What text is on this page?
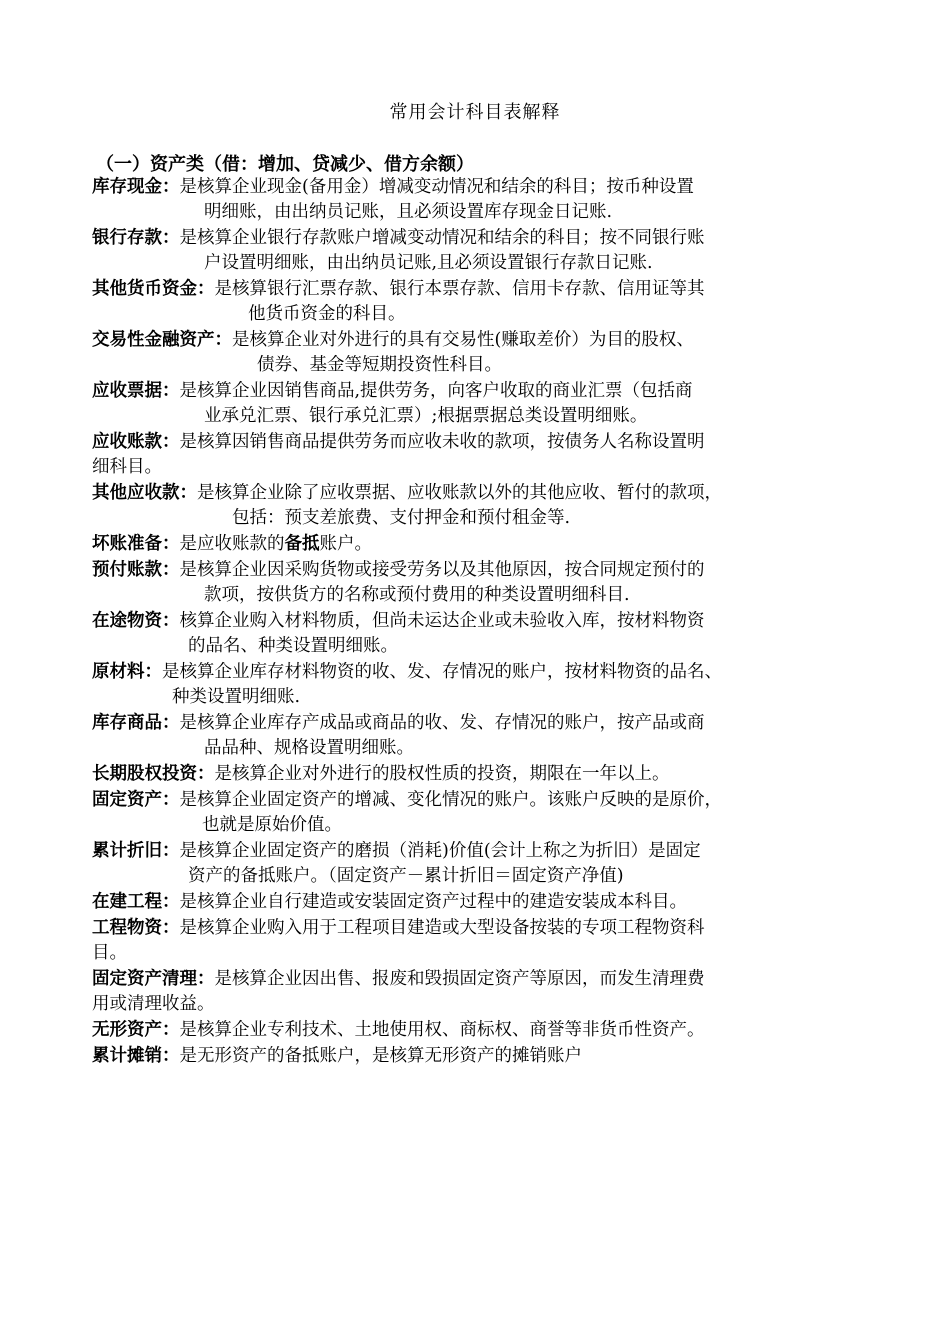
常用会计科目表解释
（一）资产类（借：增加、贷减少、借方余额）
库存现金：是核算企业现金(备用金）增减变动情况和结余的科目；按币种设置
明细账，由出纳员记账，且必须设置库存现金日记账.
银行存款：是核算企业银行存款账户增减变动情况和结余的科目；按不同银行账
户设置明细账，由出纳员记账,且必须设置银行存款日记账.
其他货币资金：是核算银行汇票存款、银行本票存款、信用卡存款、信用证等其
他货币资金的科目。
交易性金融资产：是核算企业对外进行的具有交易性(赚取差价）为目的股权、
债券、基金等短期投资性科目。
应收票据：是核算企业因销售商品,提供劳务，向客户收取的商业汇票（包括商
业承兑汇票、银行承兑汇票）;根据票据总类设置明细账。
应收账款：是核算因销售商品提供劳务而应收未收的款项，按债务人名称设置明
细科目。
其他应收款：是核算企业除了应收票据、应收账款以外的其他应收、暂付的款项，
包括：预支差旅费、支付押金和预付租金等.
坏账准备：是应收账款的备抵账户。
预付账款：是核算企业因采购货物或接受劳务以及其他原因，按合同规定预付的
款项，按供货方的名称或预付费用的种类设置明细科目.
在途物资：核算企业购入材料物质，但尚未运达企业或未验收入库，按材料物资
的品名、种类设置明细账。
原材料：是核算企业库存材料物资的收、发、存情况的账户，按材料物资的品名、
种类设置明细账.
库存商品：是核算企业库存产成品或商品的收、发、存情况的账户，按产品或商
品品种、规格设置明细账。
长期股权投资：是核算企业对外进行的股权性质的投资，期限在一年以上。
固定资产：是核算企业固定资产的增减、变化情况的账户。该账户反映的是原价，
也就是原始价值。
累计折旧：是核算企业固定资产的磨损（消耗)价值(会计上称之为折旧）是固定
资产的备抵账户。（固定资产－累计折旧＝固定资产净值)
在建工程：是核算企业自行建造或安装固定资产过程中的建造安装成本科目。
工程物资：是核算企业购入用于工程项目建造或大型设备按装的专项工程物资科
目。
固定资产清理：是核算企业因出售、报废和毁损固定资产等原因，而发生清理费
用或清理收益。
无形资产：是核算企业专利技术、土地使用权、商标权、商誉等非货币性资产。
累计摊销：是无形资产的备抵账户，是核算无形资产的摊销账户
